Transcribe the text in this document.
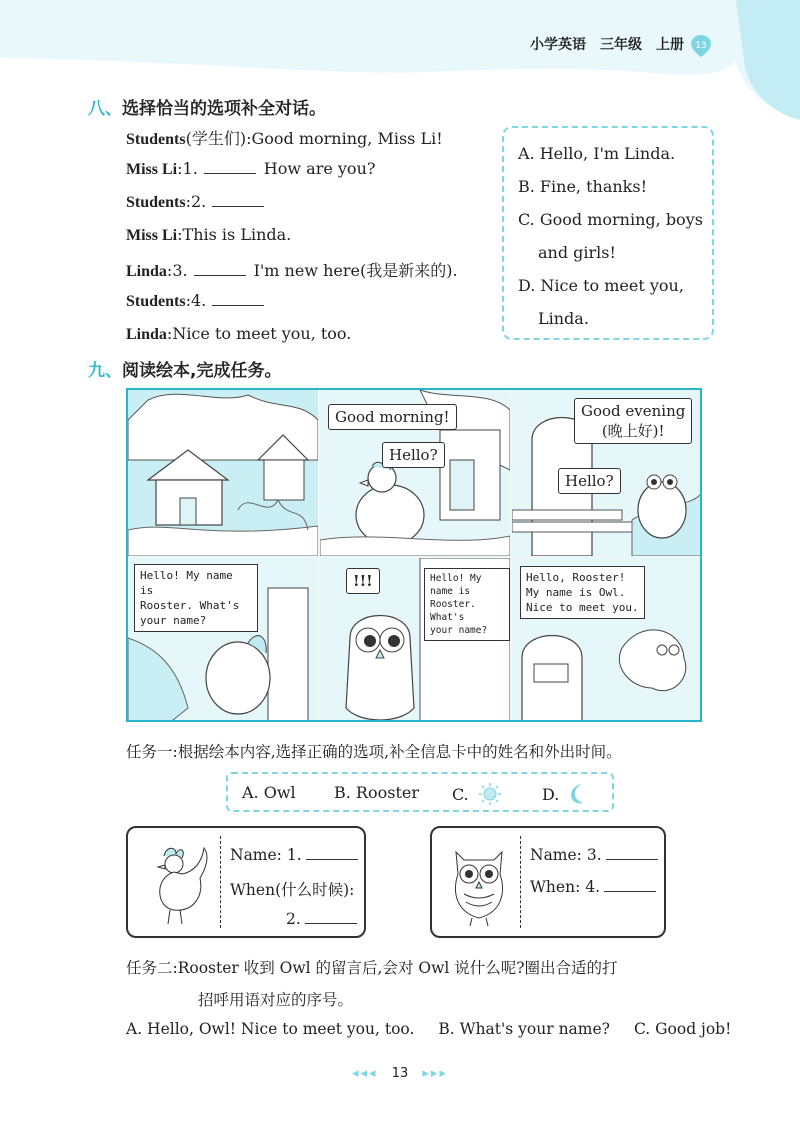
小学英语 三年级 上册 13
八、选择恰当的选项补全对话。
Students(学生们):Good morning, Miss Li!
Miss Li:1.	How are you?
Students:2.
Miss Li:This is Linda.
Linda:3.	I'm new here(我是新来的).
Students:4.
Linda:Nice to meet you, too.
A. Hello, I'm Linda.
B. Fine, thanks!
C. Good morning, boys
and girls!
D. Nice to meet you,
Linda.
九、阅读绘本,完成任务。
Good morning!
Hello?
Good evening
(晚上好)!
Hello?
Hello! My name is
Rooster. What's
your name?
!!!	Hello! My name is
Rooster. What's
your name?
Hello, Rooster!
My name is Owl.
Nice to meet you.
任务一:根据绘本内容,选择正确的选项,补全信息卡中的姓名和外出时间。
A. Owl B. Rooster C.	D.
Name: 1.
When(什么时候):
2.
Name: 3.
When: 4.
任务二:Rooster 收到 Owl 的留言后,会对 Owl 说什么呢?圈出合适的打
招呼用语对应的序号。
A. Hello, Owl! Nice to meet you, too. B. What's your name? C. Good job!
◂◂◂ 13 ▸▸▸
